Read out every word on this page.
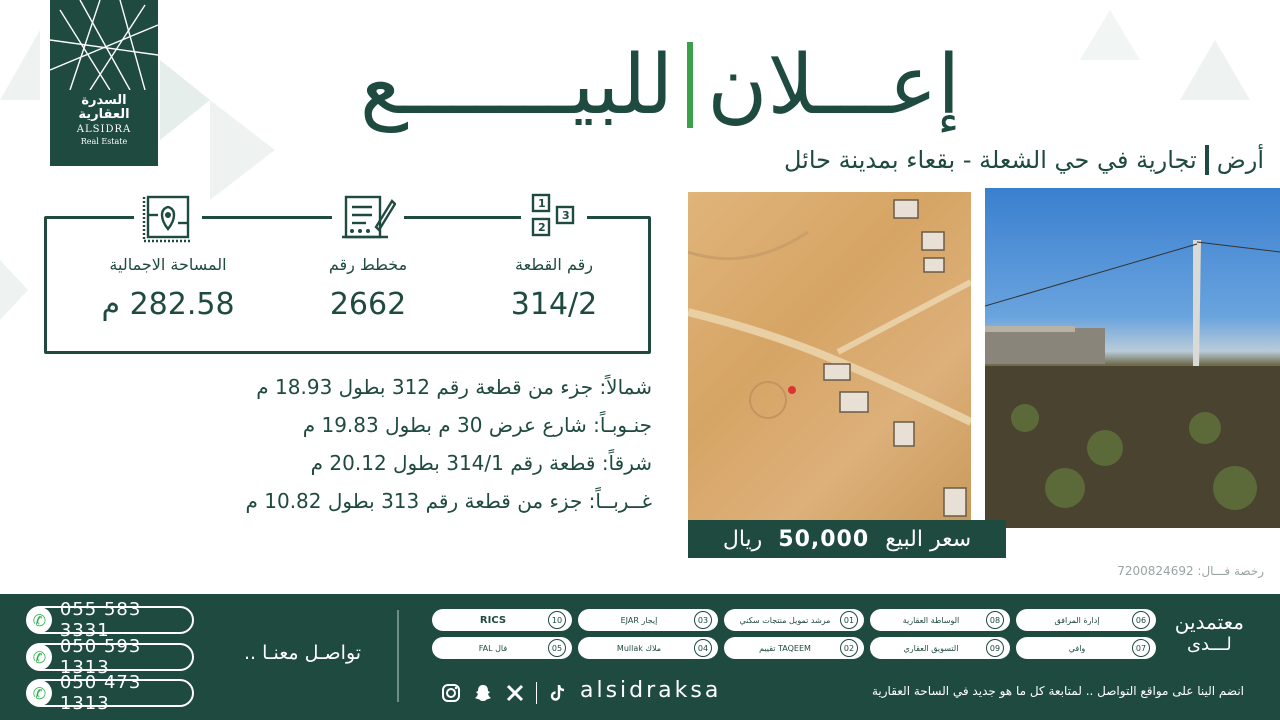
السدرة
العقارية
ALSIDRA
Real Estate
إعـــلان
للبيـــــــع
أرض
تجارية في حي الشعلة - بقعاء بمدينة حائل
1
3
2
رقم القطعة
314/2
مخطط رقم
2662
المساحة الاجمالية
282.58 م
شمالاً: جزء من قطعة رقم 312 بطول 18.93 م
جنـوبـاً: شارع عرض 30 م بطول 19.83 م
شرقاً: قطعة رقم 314/1 بطول 20.12 م
غــربــاً: جزء من قطعة رقم 313 بطول 10.82 م
سعر البيع
50,000
ريال
رخصة فـــال: 7200824692
✆ 055 583 3331
✆ 050 593 1313
✆ 050 473 1313
تواصـل معنـا ..
إدارة المرافق	06
الوساطة العقارية	08
مرشد تمويل منتجات سكني	01
إيجار EJAR	03
RICS	10
وافي	07
التسويق العقاري	09
TAQEEM تقييم	02
ملاك Mullak	04
فال FAL	05
معتمدين
لـــدى
alsidraksa	انضم الينا على مواقع التواصل .. لمتابعة كل ما هو جديد في الساحة العقارية
